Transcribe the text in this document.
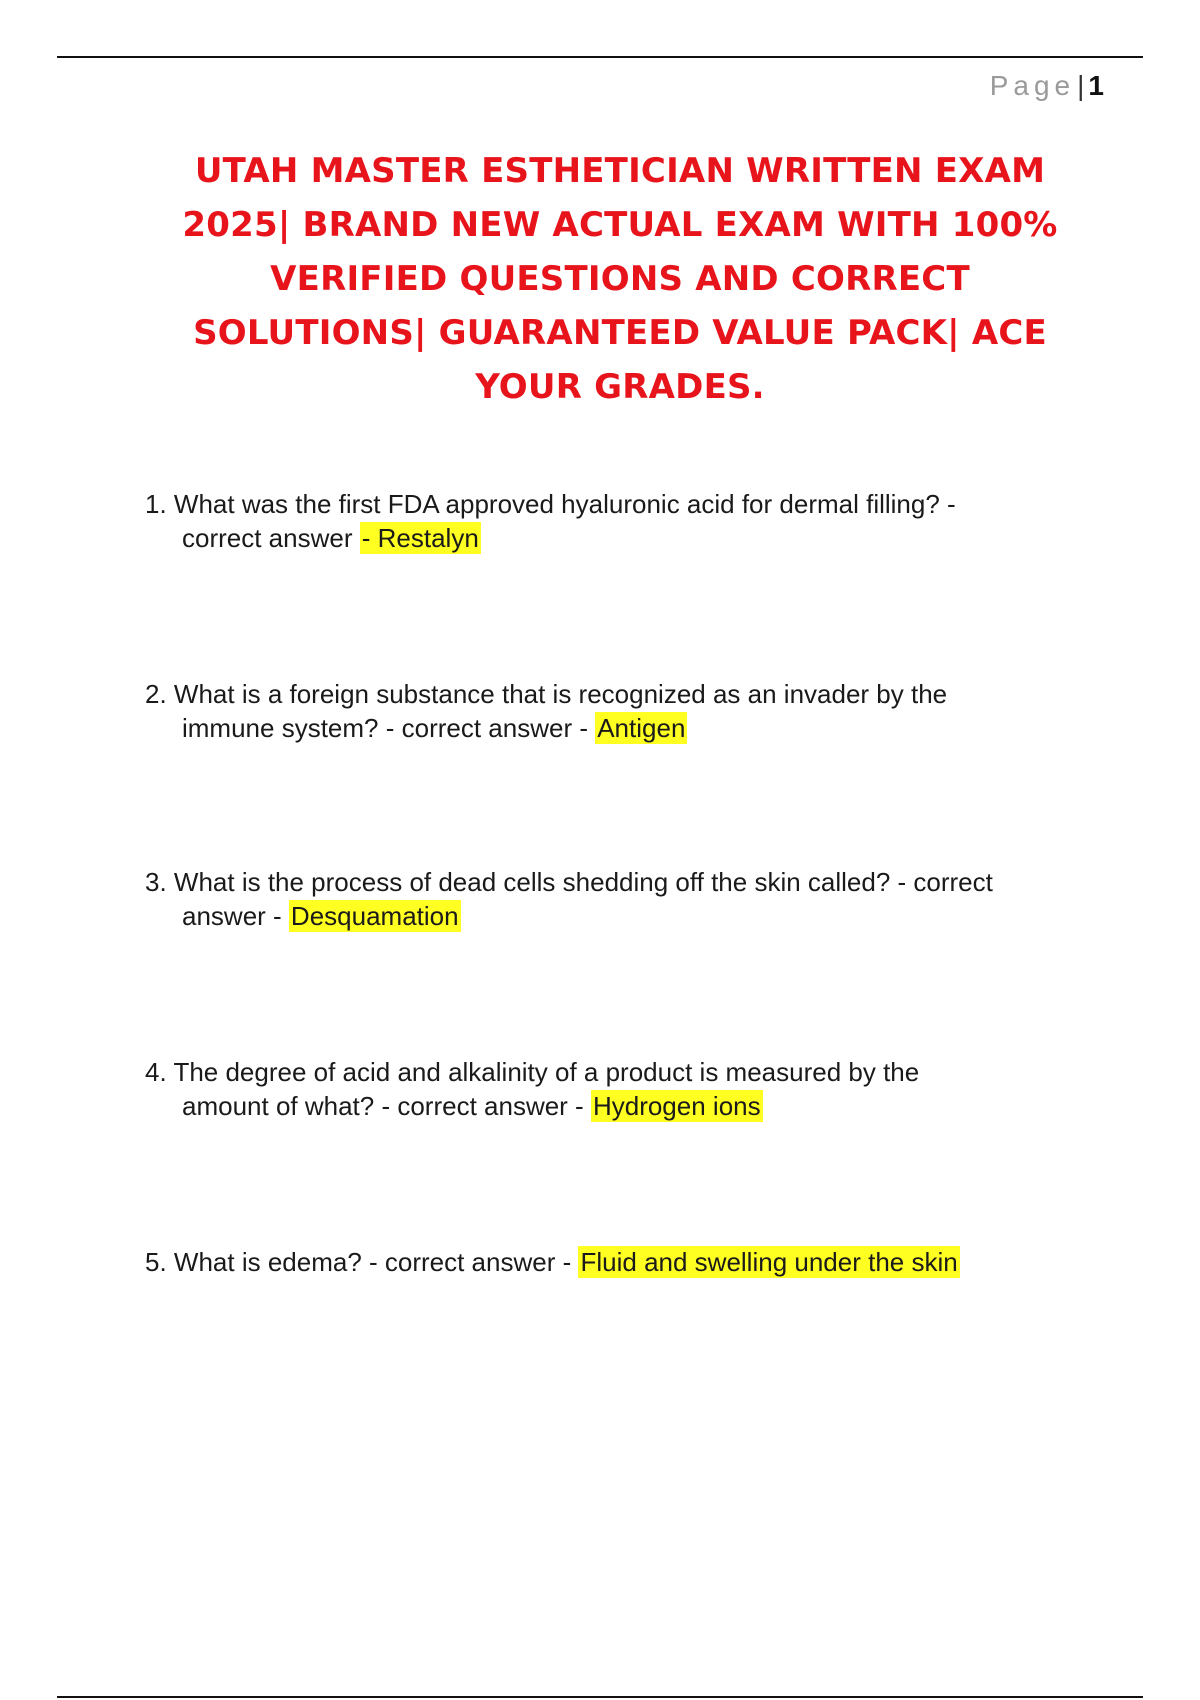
Page| 1
UTAH MASTER ESTHETICIAN WRITTEN EXAM
2025| BRAND NEW ACTUAL EXAM WITH 100%
VERIFIED QUESTIONS AND CORRECT
SOLUTIONS| GUARANTEED VALUE PACK| ACE
YOUR GRADES.
1. What was the first FDA approved hyaluronic acid for dermal filling? -
correct answer - Restalyn
2. What is a foreign substance that is recognized as an invader by the
immune system? - correct answer - Antigen
3. What is the process of dead cells shedding off the skin called? - correct
answer - Desquamation
4. The degree of acid and alkalinity of a product is measured by the
amount of what? - correct answer - Hydrogen ions
5. What is edema? - correct answer - Fluid and swelling under the skin
